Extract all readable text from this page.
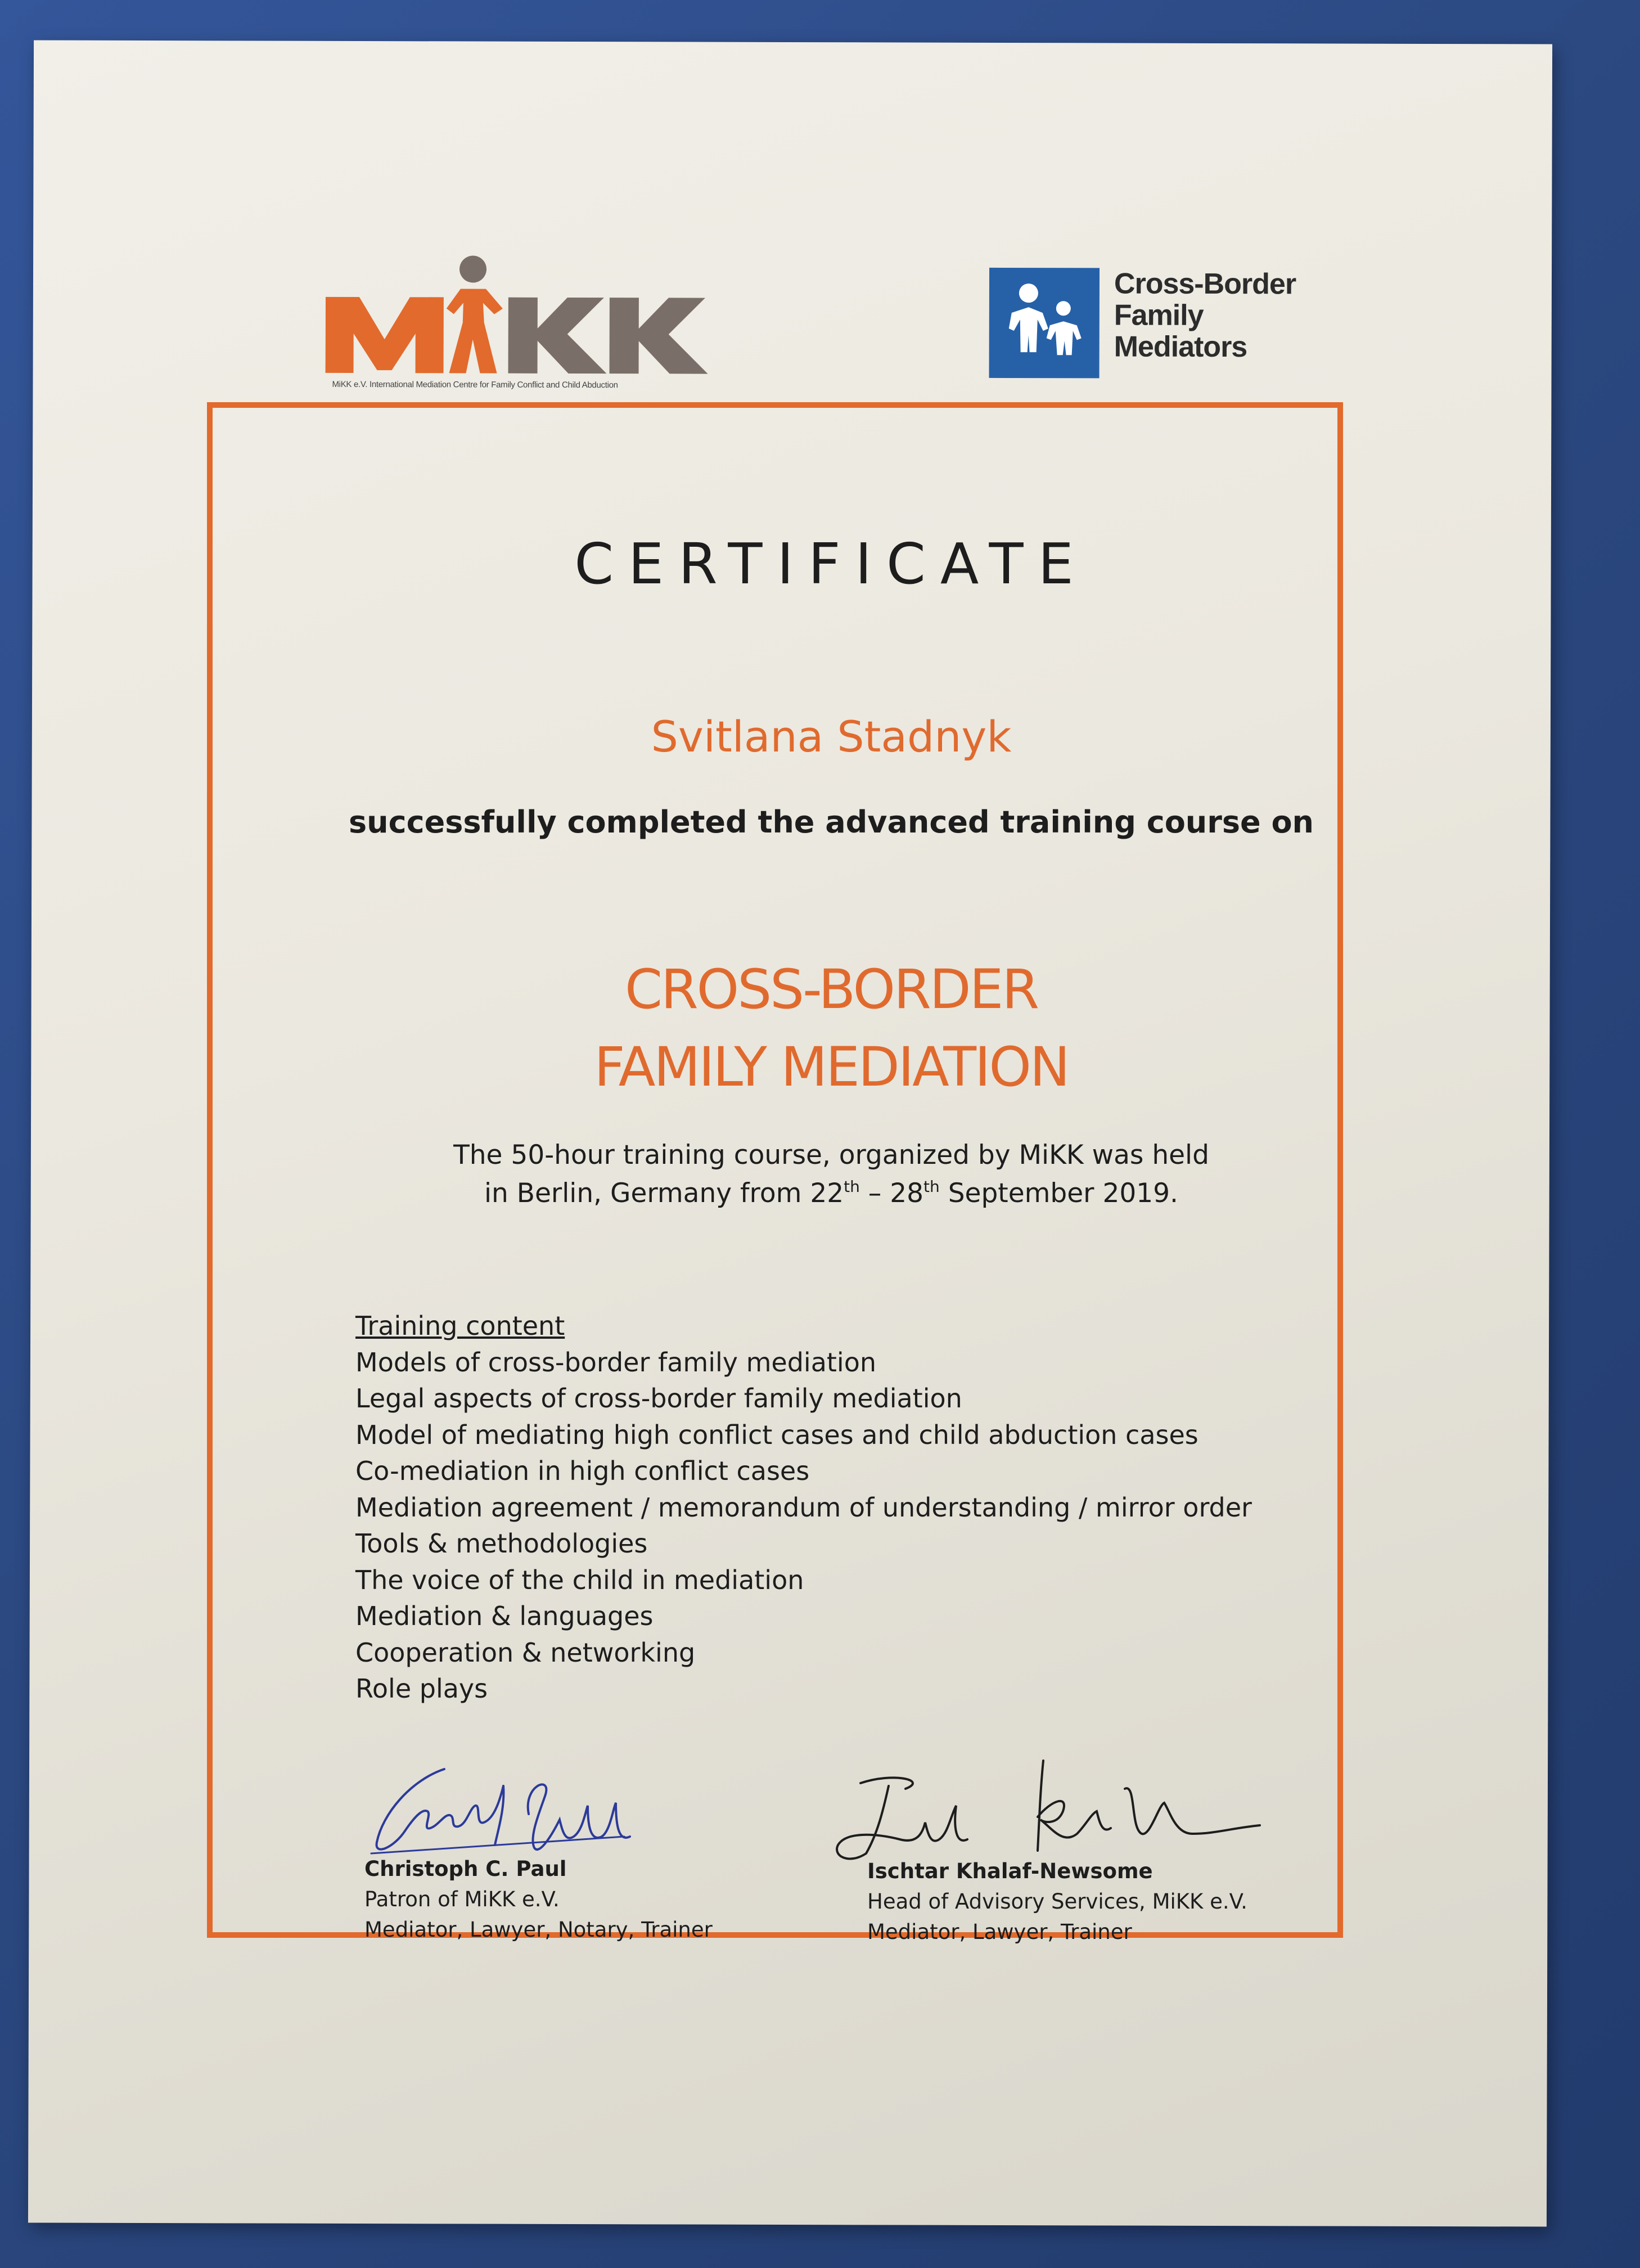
MiKK e.V. International Mediation Centre for Family Conflict and Child Abduction
Cross-Border
Family
Mediators
CERTIFICATE
Svitlana Stadnyk
successfully completed the advanced training course on
CROSS-BORDER
FAMILY MEDIATION
The 50-hour training course, organized by MiKK was held
in Berlin, Germany from 22th – 28th September 2019.
Training content
Models of cross-border family mediation
Legal aspects of cross-border family mediation
Model of mediating high conflict cases and child abduction cases
Co-mediation in high conflict cases
Mediation agreement / memorandum of understanding / mirror order
Tools & methodologies
The voice of the child in mediation
Mediation & languages
Cooperation & networking
Role plays
Christoph C. Paul
Patron of MiKK e.V.
Mediator, Lawyer, Notary, Trainer
Ischtar Khalaf-Newsome
Head of Advisory Services, MiKK e.V.
Mediator, Lawyer, Trainer
